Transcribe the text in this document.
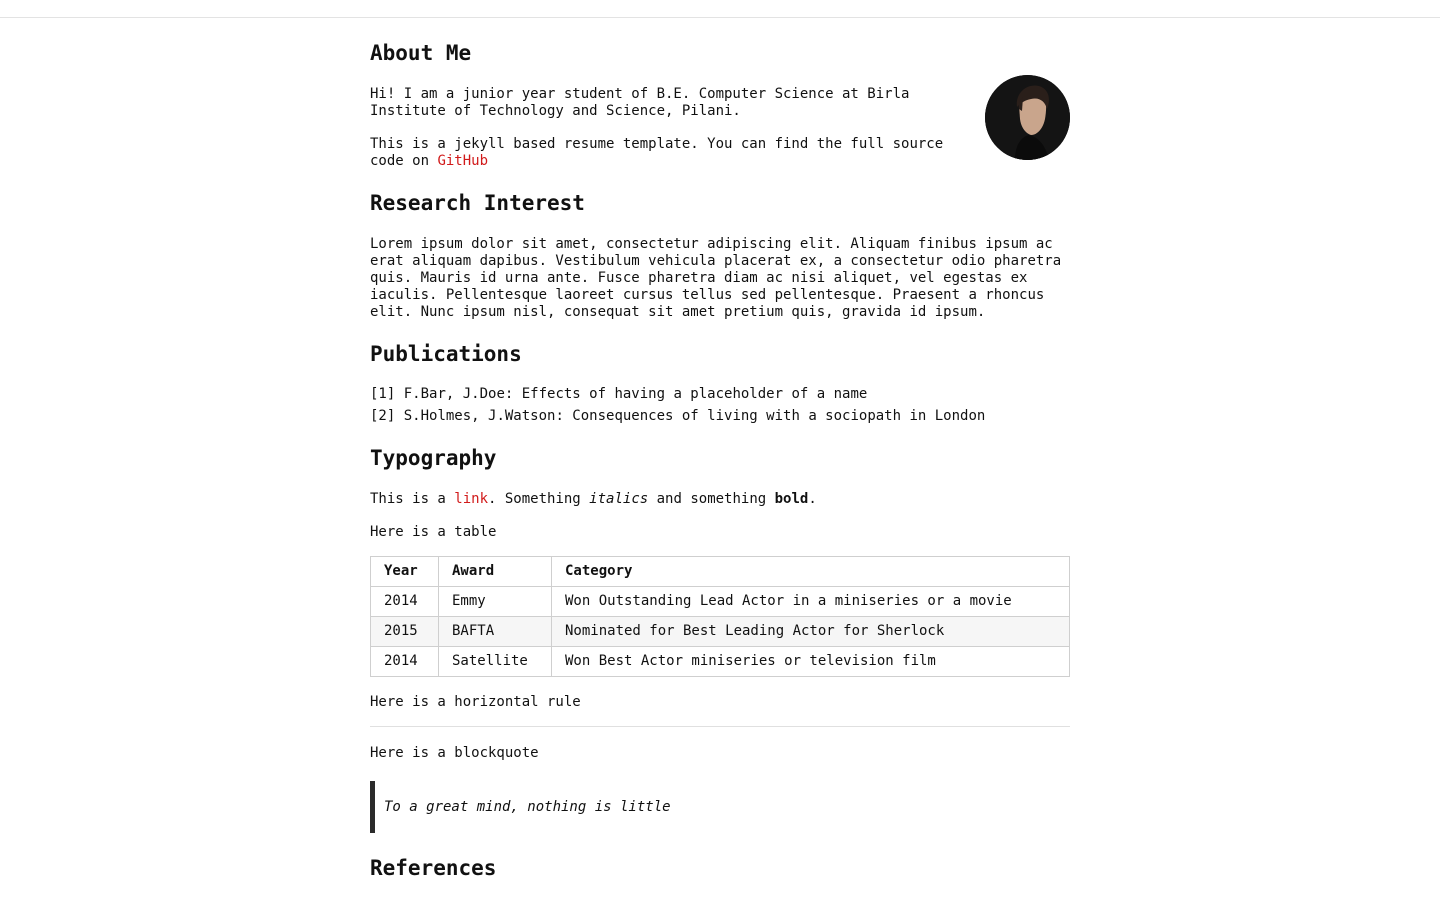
About Me

Hi! I am a junior year student of B.E. Computer Science at Birla Institute of Technology and Science, Pilani.

This is a jekyll based resume template. You can find the full source code on GitHub

Research Interest

Lorem ipsum dolor sit amet, consectetur adipiscing elit. Aliquam finibus ipsum ac erat aliquam dapibus. Vestibulum vehicula placerat ex, a consectetur odio pharetra quis. Mauris id urna ante. Fusce pharetra diam ac nisi aliquet, vel egestas ex iaculis. Pellentesque laoreet cursus tellus sed pellentesque. Praesent a rhoncus elit. Nunc ipsum nisl, consequat sit amet pretium quis, gravida id ipsum.

Publications
[1] F.Bar, J.Doe: Effects of having a placeholder of a name
[2] S.Holmes, J.Watson: Consequences of living with a sociopath in London
Typography

This is a link. Something italics and something bold.

Here is a table

Year	Award	Category
2014	Emmy	Won Outstanding Lead Actor in a miniseries or a movie
2015	BAFTA	Nominated for Best Leading Actor for Sherlock
2014	Satellite	Won Best Actor miniseries or television film

Here is a horizontal rule

Here is a blockquote

To a great mind, nothing is little
References
